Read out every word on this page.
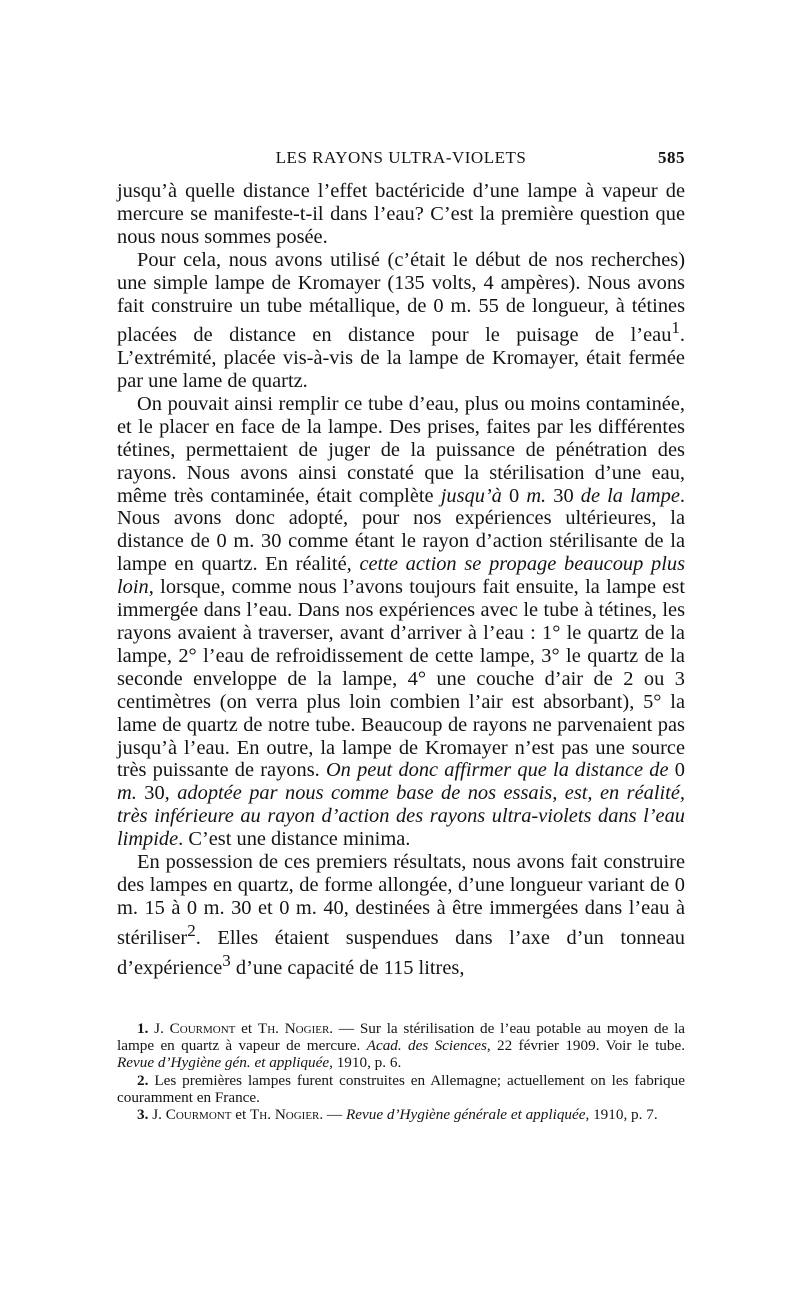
LES RAYONS ULTRA-VIOLETS	585

jusqu’à quelle distance l’effet bactéricide d’une lampe à vapeur de mercure se manifeste-t-il dans l’eau? C’est la première question que nous nous sommes posée.

Pour cela, nous avons utilisé (c’était le début de nos recherches) une simple lampe de Kromayer (135 volts, 4 ampères). Nous avons fait construire un tube métallique, de 0 m. 55 de longueur, à tétines placées de distance en distance pour le puisage de l’eau$^1$. L’extrémité, placée vis-à-vis de la lampe de Kromayer, était fermée par une lame de quartz.

On pouvait ainsi remplir ce tube d’eau, plus ou moins contaminée, et le placer en face de la lampe. Des prises, faites par les différentes tétines, permettaient de juger de la puissance de pénétration des rayons. Nous avons ainsi constaté que la stérilisation d’une eau, même très contaminée, était complète jusqu’à 0 m. 30 de la lampe. Nous avons donc adopté, pour nos expériences ultérieures, la distance de 0 m. 30 comme étant le rayon d’action stérilisante de la lampe en quartz. En réalité, cette action se propage beaucoup plus loin, lorsque, comme nous l’avons toujours fait ensuite, la lampe est immergée dans l’eau. Dans nos expériences avec le tube à tétines, les rayons avaient à traverser, avant d’arriver à l’eau : 1° le quartz de la lampe, 2° l’eau de refroidissement de cette lampe, 3° le quartz de la seconde enveloppe de la lampe, 4° une couche d’air de 2 ou 3 centimètres (on verra plus loin combien l’air est absorbant), 5° la lame de quartz de notre tube. Beaucoup de rayons ne parvenaient pas jusqu’à l’eau. En outre, la lampe de Kromayer n’est pas une source très puissante de rayons. On peut donc affirmer que la distance de 0 m. 30, adoptée par nous comme base de nos essais, est, en réalité, très inférieure au rayon d’action des rayons ultra-violets dans l’eau limpide. C’est une distance minima.

En possession de ces premiers résultats, nous avons fait construire des lampes en quartz, de forme allongée, d’une longueur variant de 0 m. 15 à 0 m. 30 et 0 m. 40, destinées à être immergées dans l’eau à stériliser$^2$. Elles étaient suspendues dans l’axe d’un tonneau d’expérience$^3$ d’une capacité de 115 litres,

1. J. Courmont et Th. Nogier. — Sur la stérilisation de l’eau potable au moyen de la lampe en quartz à vapeur de mercure. Acad. des Sciences, 22 février 1909. Voir le tube. Revue d’Hygiène gén. et appliquée, 1910, p. 6.

2. Les premières lampes furent construites en Allemagne; actuellement on les fabrique couramment en France.

3. J. Courmont et Th. Nogier. — Revue d’Hygiène générale et appliquée, 1910, p. 7.
